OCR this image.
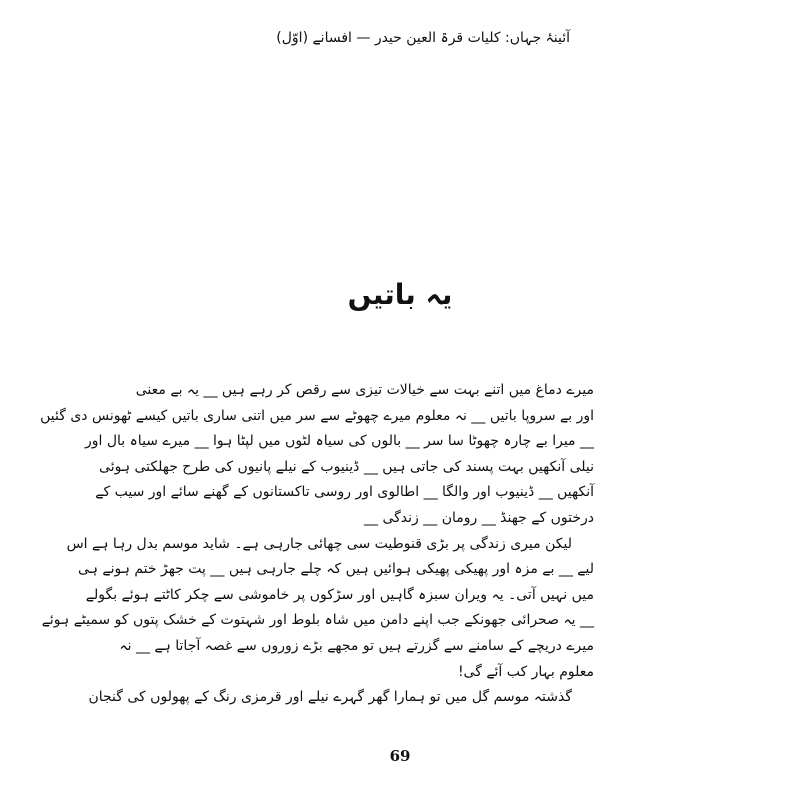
آئینۂ جہاں: کلیات قرۃ العین حیدر — افسانے (اوّل)
یہ باتیں
میرے دماغ میں اتنے بہت سے خیالات تیزی سے رقص کر رہے ہیں __ یہ بے معنی
اور بے سروپا باتیں __ نہ معلوم میرے چھوٹے سے سر میں اتنی ساری باتیں کیسے ٹھونس دی گئیں
__ میرا بے چارہ چھوٹا سا سر __ بالوں کی سیاہ لٹوں میں لپٹا ہوا __ میرے سیاہ بال اور
نیلی آنکھیں بہت پسند کی جاتی ہیں __ ڈینیوب کے نیلے پانیوں کی طرح جھلکتی ہوئی
آنکھیں __ ڈینیوب اور والگا __ اطالوی اور روسی تاکستانوں کے گھنے سائے اور سیب کے
درختوں کے جھنڈ __ رومان __ زندگی __
لیکن میری زندگی پر بڑی قنوطیت سی چھائی جارہی ہے۔ شاید موسم بدل رہا ہے اس
لیے __ بے مزہ اور پھیکی پھیکی ہوائیں ہیں کہ چلے جارہی ہیں __ پت جھڑ ختم ہونے ہی
میں نہیں آتی۔ یہ ویران سبزہ گاہیں اور سڑکوں پر خاموشی سے چکر کاٹتے ہوئے بگولے
__ یہ صحرائی جھونکے جب اپنے دامن میں شاہ بلوط اور شہتوت کے خشک پتوں کو سمیٹے ہوئے
میرے دریچے کے سامنے سے گزرتے ہیں تو مجھے بڑے زوروں سے غصہ آجاتا ہے __ نہ
معلوم بہار کب آئے گی!
گذشتہ موسم گل میں تو ہمارا گھر گہرے نیلے اور قرمزی رنگ کے پھولوں کی گنجان
69
